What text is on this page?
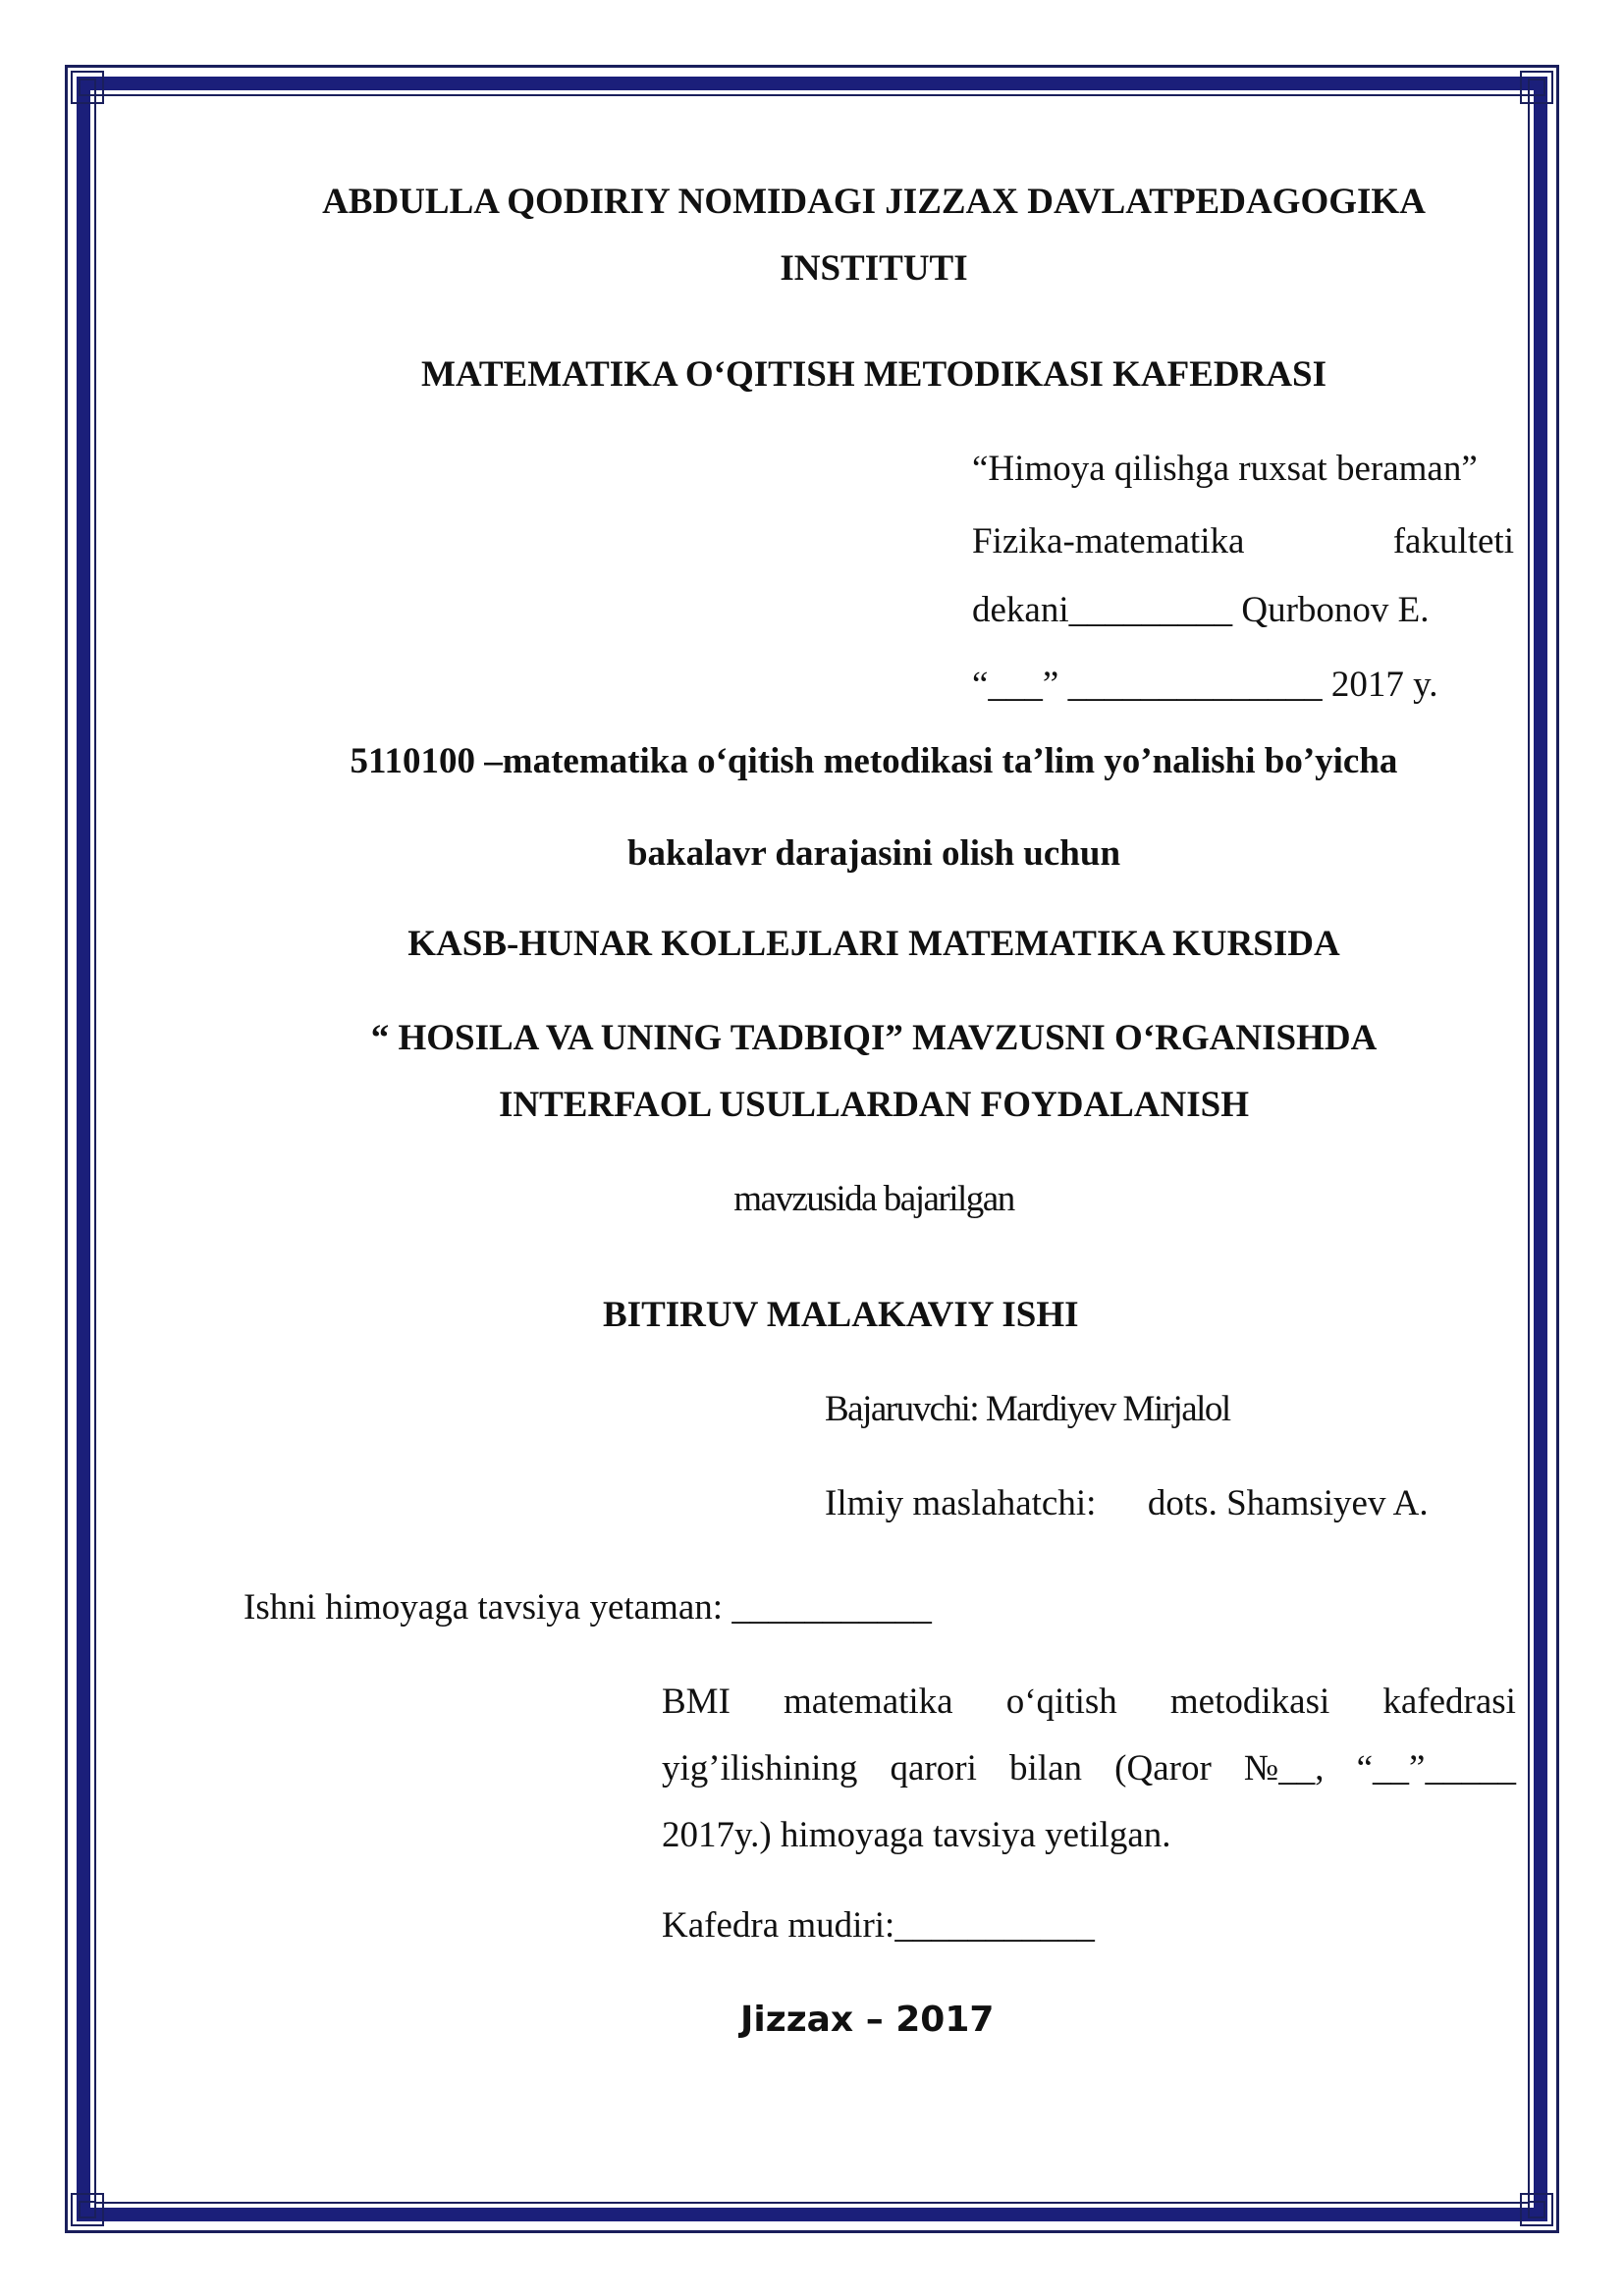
ABDULLA QODIRIY NOMIDAGI JIZZAX DAVLATPEDAGOGIKA
INSTITUTI
MATEMATIKA O‘QITISH METODIKASI KAFEDRASI
“Himoya qilishga ruxsat beraman”
Fizika-matematika	fakulteti
dekani_________ Qurbonov E.
“___” ______________ 2017 y.
5110100 –matematika o‘qitish metodikasi ta’lim yo’nalishi bo’yicha
bakalavr darajasini olish uchun
KASB-HUNAR KOLLEJLARI MATEMATIKA KURSIDA
“ HOSILA VA UNING TADBIQI” MAVZUSNI O‘RGANISHDA
INTERFAOL USULLARDAN FOYDALANISH
mavzusida bajarilgan
BITIRUV MALAKAVIY ISHI
Bajaruvchi: Mardiyev Mirjalol
Ilmiy maslahatchi: dots. Shamsiyev A.
Ishni himoyaga tavsiya yetaman: ___________
BMI matematika o‘qitish metodikasi kafedrasi
yig’ilishining qarori bilan (Qaror №__, “__”_____
2017y.) himoyaga tavsiya yetilgan.
Kafedra mudiri:___________
Jizzax – 2017
